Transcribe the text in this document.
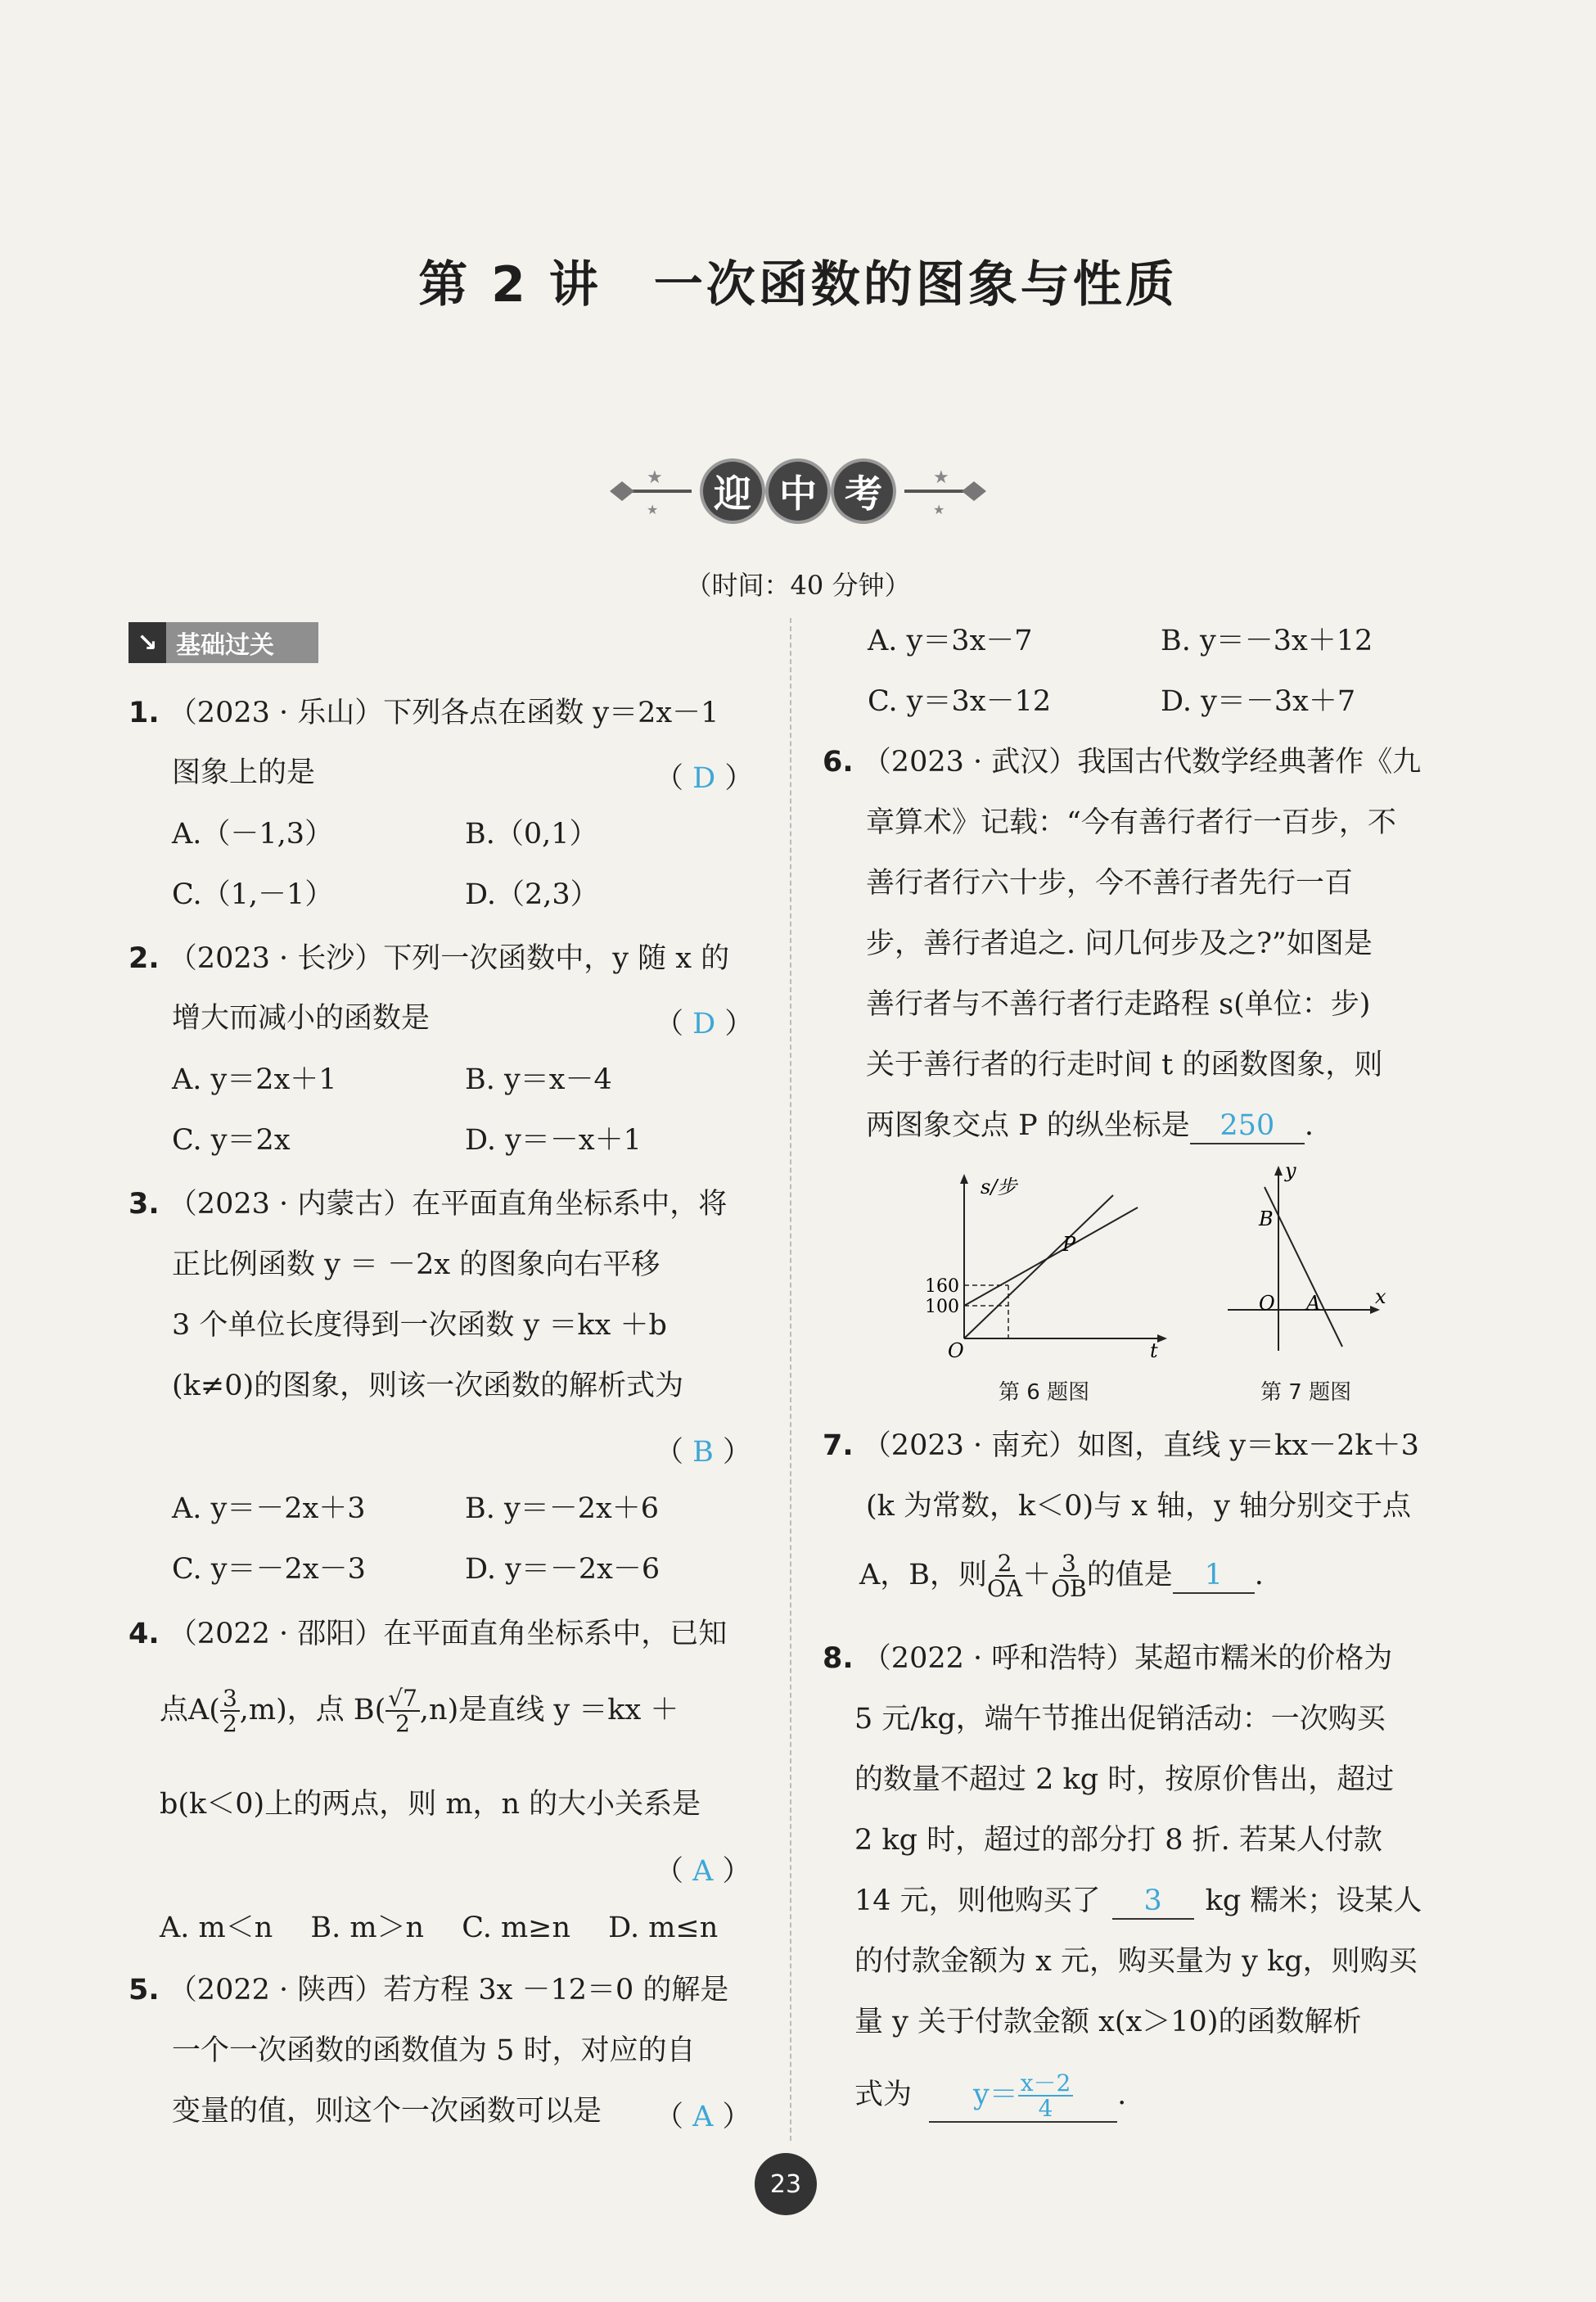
第 2 讲　一次函数的图象与性质
★	★
★	★
迎 中 考
（时间：40 分钟）
↘ 基础过关
1. （2023 · 乐山）下列各点在函数 y＝2x－1
图象上的是	（ D ）
A.（－1,3）	B.（0,1）
C.（1,－1）	D.（2,3）
2. （2023 · 长沙）下列一次函数中，y 随 x 的
增大而减小的函数是	（ D ）
A. y＝2x＋1	B. y＝x－4
C. y＝2x	D. y＝－x＋1
3. （2023 · 内蒙古）在平面直角坐标系中，将
正比例函数 y ＝ －2x 的图象向右平移
3 个单位长度得到一次函数 y ＝kx ＋b
(k≠0)的图象，则该一次函数的解析式为
（ B ）
A. y＝－2x＋3	B. y＝－2x＋6
C. y＝－2x－3	D. y＝－2x－6
4. （2022 · 邵阳）在平面直角坐标系中，已知
点$A( \frac{3}{2} ,m)$，点 $B( \frac{√7}{2} ,n)$是直线 y ＝kx ＋
b(k＜0)上的两点，则 m，n 的大小关系是
（ A ）
A. m＜n　 B. m＞n　 C. m≥n　 D. m≤n
5. （2022 · 陕西）若方程 3x －12＝0 的解是
一个一次函数的函数值为 5 时，对应的自
变量的值，则这个一次函数可以是 （ A ）
A. y＝3x－7	B. y＝－3x＋12
C. y＝3x－12	D. y＝－3x＋7
6. （2023 · 武汉）我国古代数学经典著作《九
章算术》记载：“今有善行者行一百步，不
善行者行六十步，今不善行者先行一百
步，善行者追之. 问几何步及之?”如图是
善行者与不善行者行走路程 s(单位：步)
关于善行者的行走时间 t 的函数图象，则
两图象交点 P 的纵坐标是 250 .
s/步
t
O
P
160
100
第 6 题图
y
x
O A
B
第 7 题图
7. （2023 · 南充）如图，直线 y＝kx－2k＋3
(k 为常数，k＜0)与 x 轴，y 轴分别交于点
A，B，则 $\frac{2}{OA} + \frac{3}{OB}$ 的值是 1 .
8. （2022 · 呼和浩特）某超市糯米的价格为
5 元/kg，端午节推出促销活动：一次购买
的数量不超过 2 kg 时，按原价售出，超过
2 kg 时，超过的部分打 8 折. 若某人付款
14 元，则他购买了 3 kg 糯米；设某人
的付款金额为 x 元，购买量为 y kg，则购买
量 y 关于付款金额 x(x＞10)的函数解析
式为 $y= \frac{x-2}{4}$ .
23
